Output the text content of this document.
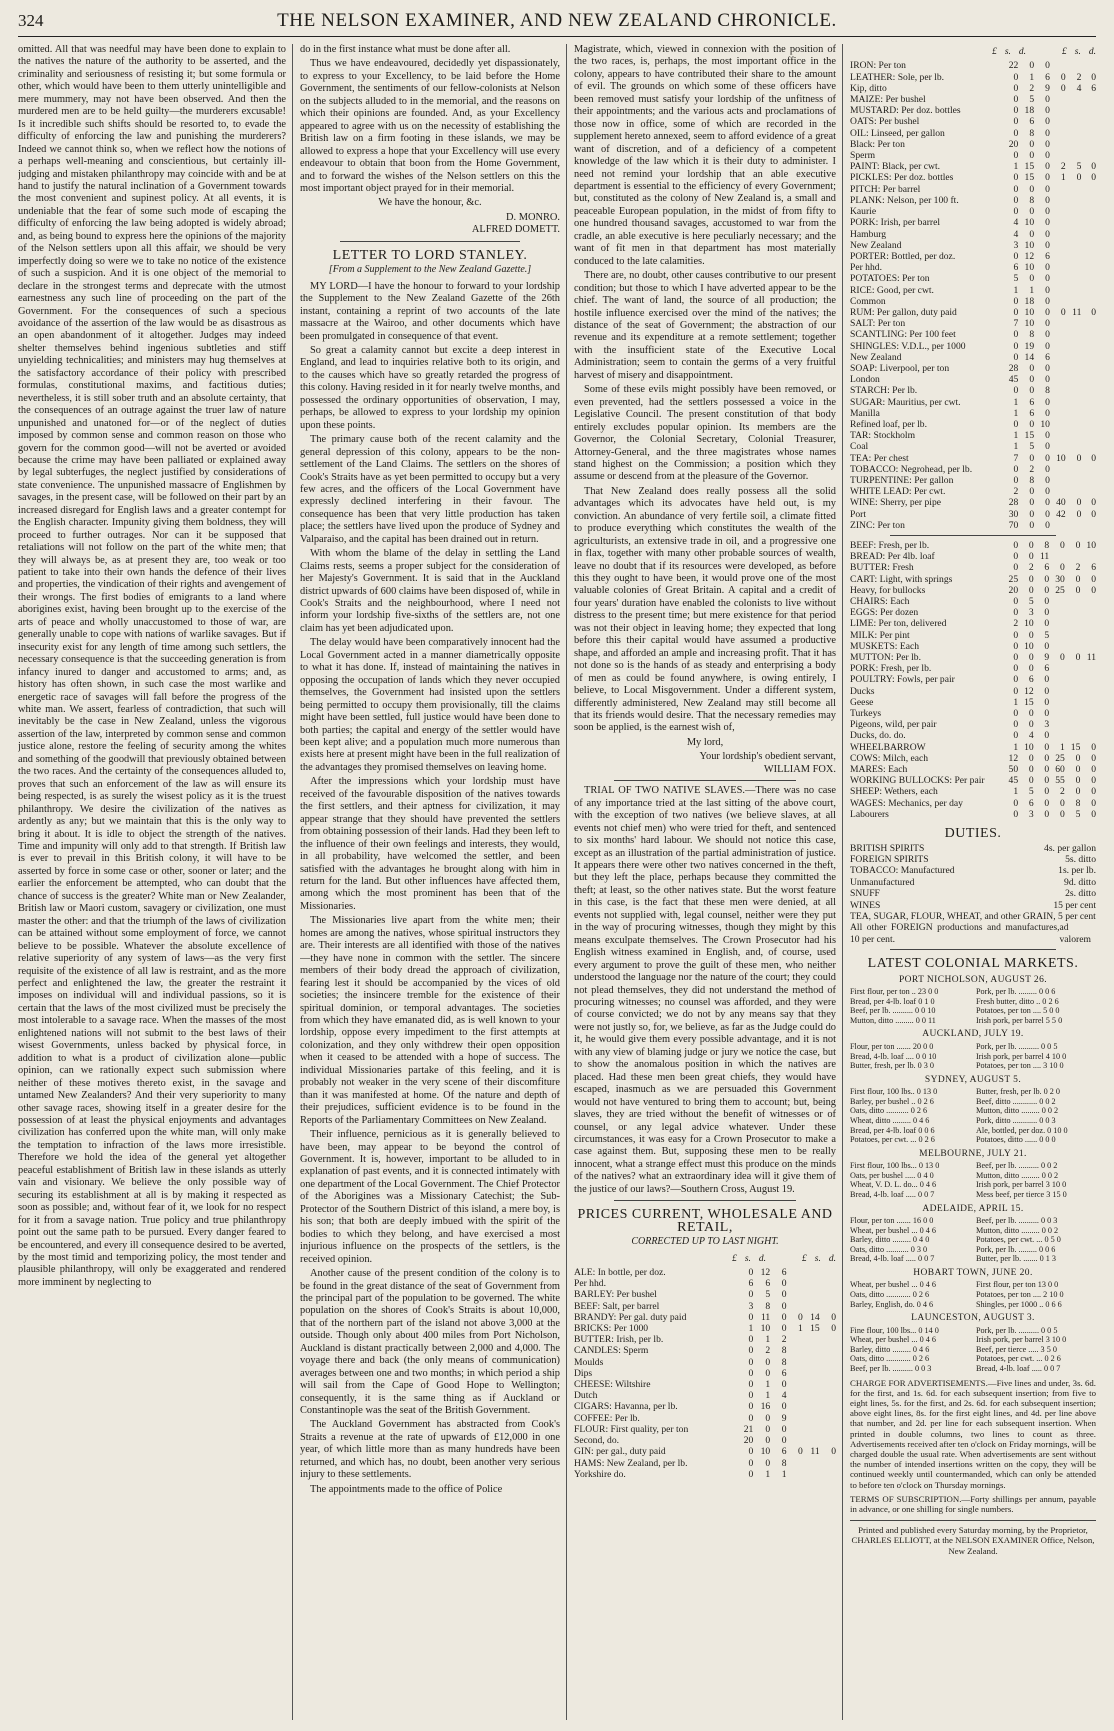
324	THE NELSON EXAMINER, AND NEW ZEALAND CHRONICLE.

omitted. All that was needful may have been done to explain to the natives the nature of the authority to be asserted, and the criminality and seriousness of resisting it; but some formula or other, which would have been to them utterly unintelligible and mere mummery, may not have been observed. And then the murdered men are to be held guilty—the murderers excusable! Is it incredible such shifts should be resorted to, to evade the difficulty of enforcing the law and punishing the murderers? Indeed we cannot think so, when we reflect how the notions of a perhaps well-meaning and conscientious, but certainly ill-judging and mistaken philanthropy may coincide with and be at hand to justify the natural inclination of a Government towards the most convenient and supinest policy. At all events, it is undeniable that the fear of some such mode of escaping the difficulty of enforcing the law being adopted is widely abroad; and, as being bound to express here the opinions of the majority of the Nelson settlers upon all this affair, we should be very imperfectly doing so were we to take no notice of the existence of such a suspicion. And it is one object of the memorial to declare in the strongest terms and deprecate with the utmost earnestness any such line of proceeding on the part of the Government. For the consequences of such a specious avoidance of the assertion of the law would be as disastrous as an open abandonment of it altogether. Judges may indeed shelter themselves behind ingenious subtleties and stiff unyielding technicalities; and ministers may hug themselves at the satisfactory accordance of their policy with prescribed formulas, constitutional maxims, and factitious duties; nevertheless, it is still sober truth and an absolute certainty, that the consequences of an outrage against the truer law of nature unpunished and unatoned for—or of the neglect of duties imposed by common sense and common reason on those who govern for the common good—will not be averted or avoided because the crime may have been palliated or explained away by legal subterfuges, the neglect justified by considerations of state convenience. The unpunished massacre of Englishmen by savages, in the present case, will be followed on their part by an increased disregard for English laws and a greater contempt for the English character. Impunity giving them boldness, they will proceed to further outrages. Nor can it be supposed that retaliations will not follow on the part of the white men; that they will always be, as at present they are, too weak or too patient to take into their own hands the defence of their lives and properties, the vindication of their rights and avengement of their wrongs. The first bodies of emigrants to a land where aborigines exist, having been brought up to the exercise of the arts of peace and wholly unaccustomed to those of war, are generally unable to cope with nations of warlike savages. But if insecurity exist for any length of time among such settlers, the necessary consequence is that the succeeding generation is from infancy inured to danger and accustomed to arms; and, as history has often shown, in such case the most warlike and energetic race of savages will fall before the progress of the white man. We assert, fearless of contradiction, that such will inevitably be the case in New Zealand, unless the vigorous assertion of the law, interpreted by common sense and common justice alone, restore the feeling of security among the whites and something of the goodwill that previously obtained between the two races. And the certainty of the consequences alluded to, proves that such an enforcement of the law as will ensure its being respected, is as surely the wisest policy as it is the truest philanthropy. We desire the civilization of the natives as ardently as any; but we maintain that this is the only way to bring it about. It is idle to object the strength of the natives. Time and impunity will only add to that strength. If British law is ever to prevail in this British colony, it will have to be asserted by force in some case or other, sooner or later; and the earlier the enforcement be attempted, who can doubt that the chance of success is the greater? White man or New Zealander, British law or Maori custom, savagery or civilization, one must master the other: and that the triumph of the laws of civilization can be attained without some employment of force, we cannot believe to be possible. Whatever the absolute excellence of relative superiority of any system of laws—as the very first requisite of the existence of all law is restraint, and as the more perfect and enlightened the law, the greater the restraint it imposes on individual will and individual passions, so it is certain that the laws of the most civilized must be precisely the most intolerable to a savage race. When the masses of the most enlightened nations will not submit to the best laws of their wisest Governments, unless backed by physical force, in addition to what is a product of civilization alone—public opinion, can we rationally expect such submission where neither of these motives thereto exist, in the savage and untamed New Zealanders? And their very superiority to many other savage races, showing itself in a greater desire for the possession of at least the physical enjoyments and advantages civilization has conferred upon the white man, will only make the temptation to infraction of the laws more irresistible. Therefore we hold the idea of the general yet altogether peaceful establishment of British law in these islands as utterly vain and visionary. We believe the only possible way of securing its establishment at all is by making it respected as soon as possible; and, without fear of it, we look for no respect for it from a savage nation. True policy and true philanthropy point out the same path to be pursued. Every danger feared to be encountered, and every ill consequence desired to be averted, by the most timid and temporizing policy, the most tender and plausible philanthropy, will only be exaggerated and rendered more imminent by neglecting to

do in the first instance what must be done after all.

Thus we have endeavoured, decidedly yet dispassionately, to express to your Excellency, to be laid before the Home Government, the sentiments of our fellow-colonists at Nelson on the subjects alluded to in the memorial, and the reasons on which their opinions are founded. And, as your Excellency appeared to agree with us on the necessity of establishing the British law on a firm footing in these islands, we may be allowed to express a hope that your Excellency will use every endeavour to obtain that boon from the Home Government, and to forward the wishes of the Nelson settlers on this the most important object prayed for in their memorial.

We have the honour, &c.

D. MONRO.

ALFRED DOMETT.

LETTER TO LORD STANLEY.
[From a Supplement to the New Zealand Gazette.]

MY LORD—I have the honour to forward to your lordship the Supplement to the New Zealand Gazette of the 26th instant, containing a reprint of two accounts of the late massacre at the Wairoo, and other documents which have been promulgated in consequence of that event.

So great a calamity cannot but excite a deep interest in England, and lead to inquiries relative both to its origin, and to the causes which have so greatly retarded the progress of this colony. Having resided in it for nearly twelve months, and possessed the ordinary opportunities of observation, I may, perhaps, be allowed to express to your lordship my opinion upon these points.

The primary cause both of the recent calamity and the general depression of this colony, appears to be the non-settlement of the Land Claims. The settlers on the shores of Cook's Straits have as yet been permitted to occupy but a very few acres, and the officers of the Local Government have expressly declined interfering in their favour. The consequence has been that very little production has taken place; the settlers have lived upon the produce of Sydney and Valparaiso, and the capital has been drained out in return.

With whom the blame of the delay in settling the Land Claims rests, seems a proper subject for the consideration of her Majesty's Government. It is said that in the Auckland district upwards of 600 claims have been disposed of, while in Cook's Straits and the neighbourhood, where I need not inform your lordship five-sixths of the settlers are, not one claim has yet been adjudicated upon.

The delay would have been comparatively innocent had the Local Government acted in a manner diametrically opposite to what it has done. If, instead of maintaining the natives in opposing the occupation of lands which they never occupied themselves, the Government had insisted upon the settlers being permitted to occupy them provisionally, till the claims might have been settled, full justice would have been done to both parties; the capital and energy of the settler would have been kept alive; and a population much more numerous than exists here at present might have been in the full realization of the advantages they promised themselves on leaving home.

After the impressions which your lordship must have received of the favourable disposition of the natives towards the first settlers, and their aptness for civilization, it may appear strange that they should have prevented the settlers from obtaining possession of their lands. Had they been left to the influence of their own feelings and interests, they would, in all probability, have welcomed the settler, and been satisfied with the advantages he brought along with him in return for the land. But other influences have affected them, among which the most prominent has been that of the Missionaries.

The Missionaries live apart from the white men; their homes are among the natives, whose spiritual instructors they are. Their interests are all identified with those of the natives—they have none in common with the settler. The sincere members of their body dread the approach of civilization, fearing lest it should be accompanied by the vices of old societies; the insincere tremble for the existence of their spiritual dominion, or temporal advantages. The societies from which they have emanated did, as is well known to your lordship, oppose every impediment to the first attempts at colonization, and they only withdrew their open opposition when it ceased to be attended with a hope of success. The individual Missionaries partake of this feeling, and it is probably not weaker in the very scene of their discomfiture than it was manifested at home. Of the nature and depth of their prejudices, sufficient evidence is to be found in the Reports of the Parliamentary Committees on New Zealand.

Their influence, pernicious as it is generally believed to have been, may appear to be beyond the control of Government. It is, however, important to be alluded to in explanation of past events, and it is connected intimately with one department of the Local Government. The Chief Protector of the Aborigines was a Missionary Catechist; the Sub-Protector of the Southern District of this island, a mere boy, is his son; that both are deeply imbued with the spirit of the bodies to which they belong, and have exercised a most injurious influence on the prospects of the settlers, is the received opinion.

Another cause of the present condition of the colony is to be found in the great distance of the seat of Government from the principal part of the population to be governed. The white population on the shores of Cook's Straits is about 10,000, that of the northern part of the island not above 3,000 at the outside. Though only about 400 miles from Port Nicholson, Auckland is distant practically between 2,000 and 4,000. The voyage there and back (the only means of communication) averages between one and two months; in which period a ship will sail from the Cape of Good Hope to Wellington; consequently, it is the same thing as if Auckland or Constantinople was the seat of the British Government.

The Auckland Government has abstracted from Cook's Straits a revenue at the rate of upwards of £12,000 in one year, of which little more than as many hundreds have been returned, and which has, no doubt, been another very serious injury to these settlements.

The appointments made to the office of Police

Magistrate, which, viewed in connexion with the position of the two races, is, perhaps, the most important office in the colony, appears to have contributed their share to the amount of evil. The grounds on which some of these officers have been removed must satisfy your lordship of the unfitness of their appointments; and the various acts and proclamations of those now in office, some of which are recorded in the supplement hereto annexed, seem to afford evidence of a great want of discretion, and of a deficiency of a competent knowledge of the law which it is their duty to administer. I need not remind your lordship that an able executive department is essential to the efficiency of every Government; but, constituted as the colony of New Zealand is, a small and peaceable European population, in the midst of from fifty to one hundred thousand savages, accustomed to war from the cradle, an able executive is here peculiarly necessary; and the want of fit men in that department has most materially conduced to the late calamities.

There are, no doubt, other causes contributive to our present condition; but those to which I have adverted appear to be the chief. The want of land, the source of all production; the hostile influence exercised over the mind of the natives; the distance of the seat of Government; the abstraction of our revenue and its expenditure at a remote settlement; together with the insufficient state of the Executive Local Administration; seem to contain the germs of a very fruitful harvest of misery and disappointment.

Some of these evils might possibly have been removed, or even prevented, had the settlers possessed a voice in the Legislative Council. The present constitution of that body entirely excludes popular opinion. Its members are the Governor, the Colonial Secretary, Colonial Treasurer, Attorney-General, and the three magistrates whose names stand highest on the Commission; a position which they assume or descend from at the pleasure of the Governor.

That New Zealand does really possess all the solid advantages which its advocates have held out, is my conviction. An abundance of very fertile soil, a climate fitted to produce everything which constitutes the wealth of the agriculturists, an extensive trade in oil, and a progressive one in flax, together with many other probable sources of wealth, leave no doubt that if its resources were developed, as before this they ought to have been, it would prove one of the most valuable colonies of Great Britain. A capital and a credit of four years' duration have enabled the colonists to live without distress to the present time; but mere existence for that period was not their object in leaving home; they expected that long before this their capital would have assumed a productive shape, and afforded an ample and increasing profit. That it has not done so is the hands of as steady and enterprising a body of men as could be found anywhere, is owing entirely, I believe, to Local Misgovernment. Under a different system, differently administered, New Zealand may still become all that its friends would desire. That the necessary remedies may soon be applied, is the earnest wish of,

My lord,

Your lordship's obedient servant,

WILLIAM FOX.

TRIAL OF TWO NATIVE SLAVES.—There was no case of any importance tried at the last sitting of the above court, with the exception of two natives (we believe slaves, at all events not chief men) who were tried for theft, and sentenced to six months' hard labour. We should not notice this case, except as an illustration of the partial administration of justice. It appears there were other two natives concerned in the theft, but they left the place, perhaps because they committed the theft; at least, so the other natives state. But the worst feature in this case, is the fact that these men were denied, at all events not supplied with, legal counsel, neither were they put in the way of procuring witnesses, though they might by this means exculpate themselves. The Crown Prosecutor had his English witness examined in English, and, of course, used every argument to prove the guilt of these men, who neither understood the language nor the nature of the court; they could not plead themselves, they did not understand the method of procuring witnesses; no counsel was afforded, and they were of course convicted; we do not by any means say that they were not justly so, for, we believe, as far as the Judge could do it, he would give them every possible advantage, and it is not with any view of blaming judge or jury we notice the case, but to show the anomalous position in which the natives are placed. Had these men been great chiefs, they would have escaped, inasmuch as we are persuaded this Government would not have ventured to bring them to account; but, being slaves, they are tried without the benefit of witnesses or of counsel, or any legal advice whatever. Under these circumstances, it was easy for a Crown Prosecutor to make a case against them. But, supposing these men to be really innocent, what a strange effect must this produce on the minds of the natives? what an extraordinary idea will it give them of the justice of our laws?—Southern Cross, August 19.

PRICES CURRENT, WHOLESALE AND RETAIL,
CORRECTED UP TO LAST NIGHT.
£ s. d.	£ s. d.
ALE: In bottle, per doz.	0	12	6			
Per hhd.	6	6	0			
BARLEY: Per bushel	0	5	0			
BEEF: Salt, per barrel	3	8	0			
BRANDY: Per gal. duty paid	0	11	0	0	14	0
BRICKS: Per 1000	1	10	0	1	15	0
BUTTER: Irish, per lb.	0	1	2			
CANDLES: Sperm	0	2	8			
Moulds	0	0	8			
Dips	0	0	6			
CHEESE: Wiltshire	0	1	0			
Dutch	0	1	4			
CIGARS: Havanna, per lb.	0	16	0			
COFFEE: Per lb.	0	0	9			
FLOUR: First quality, per ton	21	0	0			
Second, do.	20	0	0			
GIN: per gal., duty paid	0	10	6	0	11	0
HAMS: New Zealand, per lb.	0	0	8			
Yorkshire do.	0	1	1			
£ s. d.	£ s. d.
IRON: Per ton	22	0	0			
LEATHER: Sole, per lb.	0	1	6	0	2	0
Kip, ditto	0	2	9	0	4	6
MAIZE: Per bushel	0	5	0			
MUSTARD: Per doz. bottles	0	18	0			
OATS: Per bushel	0	6	0			
OIL: Linseed, per gallon	0	8	0			
Black: Per ton	20	0	0			
Sperm	0	0	0			
PAINT: Black, per cwt.	1	15	0	2	5	0
PICKLES: Per doz. bottles	0	15	0	1	0	0
PITCH: Per barrel	0	0	0			
PLANK: Nelson, per 100 ft.	0	8	0			
Kaurie	0	0	0			
PORK: Irish, per barrel	4	10	0			
Hamburg	4	0	0			
New Zealand	3	10	0			
PORTER: Bottled, per doz.	0	12	6			
Per hhd.	6	10	0			
POTATOES: Per ton	5	0	0			
RICE: Good, per cwt.	1	1	0			
Common	0	18	0			
RUM: Per gallon, duty paid	0	10	0	0	11	0
SALT: Per ton	7	10	0			
SCANTLING: Per 100 feet	0	8	0			
SHINGLES: V.D.L., per 1000	0	19	0			
New Zealand	0	14	6			
SOAP: Liverpool, per ton	28	0	0			
London	45	0	0			
STARCH: Per lb.	0	0	8			
SUGAR: Mauritius, per cwt.	1	6	0			
Manilla	1	6	0			
Refined loaf, per lb.	0	0	10			
TAR: Stockholm	1	15	0			
Coal	1	5	0			
TEA: Per chest	7	0	0	10	0	0
TOBACCO: Negrohead, per lb.	0	2	0			
TURPENTINE: Per gallon	0	8	0			
WHITE LEAD: Per cwt.	2	0	0			
WINE: Sherry, per pipe	28	0	0	40	0	0
Port	30	0	0	42	0	0
ZINC: Per ton	70	0	0			
BEEF: Fresh, per lb.	0	0	8	0	0	10
BREAD: Per 4lb. loaf	0	0	11			
BUTTER: Fresh	0	2	6	0	2	6
CART: Light, with springs	25	0	0	30	0	0
Heavy, for bullocks	20	0	0	25	0	0
CHAIRS: Each	0	5	0			
EGGS: Per dozen	0	3	0			
LIME: Per ton, delivered	2	10	0			
MILK: Per pint	0	0	5			
MUSKETS: Each	0	10	0			
MUTTON: Per lb.	0	0	9	0	0	11
PORK: Fresh, per lb.	0	0	6			
POULTRY: Fowls, per pair	0	6	0			
Ducks	0	12	0			
Geese	1	15	0			
Turkeys	0	0	0			
Pigeons, wild, per pair	0	0	3			
Ducks, do. do.	0	4	0			
WHEELBARROW	1	10	0	1	15	0
COWS: Milch, each	12	0	0	25	0	0
MARES: Each	50	0	0	60	0	0
WORKING BULLOCKS: Per pair	45	0	0	55	0	0
SHEEP: Wethers, each	1	5	0	2	0	0
WAGES: Mechanics, per day	0	6	0	0	8	0
Labourers	0	3	0	0	5	0
DUTIES.
BRITISH SPIRITS	4s. per gallon
FOREIGN SPIRITS	5s. ditto
TOBACCO: Manufactured	1s. per lb.
Unmanufactured	9d. ditto
SNUFF	2s. ditto
WINES	15 per cent
TEA, SUGAR, FLOUR, WHEAT, and other GRAIN, 5 per cent
All other FOREIGN productions and manufactures, 10 per cent.
ad valorem
LATEST COLONIAL MARKETS.
PORT NICHOLSON, AUGUST 26.
First flour, per ton .. 23 0 0
Bread, per 4-lb. loaf 0 1 0
Beef, per lb. .......... 0 0 10
Mutton, ditto ......... 0 0 11
Pork, per lb. ......... 0 0 6
Fresh butter, ditto .. 0 2 6
Potatoes, per ton .... 5 0 0
Irish pork, per barrel 5 5 0
AUCKLAND, JULY 19.
Flour, per ton ....... 20 0 0
Bread, 4-lb. loaf .... 0 0 10
Butter, fresh, per lb. 0 3 0
Pork, per lb. .......... 0 0 5
Irish pork, per barrel 4 10 0
Potatoes, per ton .... 3 10 0
SYDNEY, AUGUST 5.
First flour, 100 lbs.. 0 13 0
Barley, per bushel .. 0 2 6
Oats, ditto ........... 0 2 6
Wheat, ditto ......... 0 4 6
Bread, per 4-lb. loaf 0 0 6
Potatoes, per cwt. ... 0 2 6
Butter, fresh, per lb. 0 2 0
Beef, ditto ............ 0 0 2
Mutton, ditto ......... 0 0 2
Pork, ditto ............ 0 0 3
Ale, bottled, per doz. 0 10 0
Potatoes, ditto ...... 0 0 0
MELBOURNE, JULY 21.
First flour, 100 lbs... 0 13 0
Oats, per bushel ..... 0 4 0
Wheat, V. D. L. do... 0 4 6
Bread, 4-lb. loaf ..... 0 0 7
Beef, per lb. .......... 0 0 2
Mutton, ditto ......... 0 0 2
Irish pork, per barrel 3 10 0
Mess beef, per tierce 3 15 0
ADELAIDE, APRIL 15.
Flour, per ton ....... 16 0 0
Wheat, per bushel ... 0 4 6
Barley, ditto ......... 0 4 0
Oats, ditto ........... 0 3 0
Bread, 4-lb. loaf ..... 0 0 7
Beef, per lb. .......... 0 0 3
Mutton, ditto ......... 0 0 2
Potatoes, per cwt. ... 0 5 0
Pork, per lb. ......... 0 0 6
Butter, per lb. ....... 0 1 3
HOBART TOWN, JUNE 20.
Wheat, per bushel ... 0 4 6
Oats, ditto ............ 0 2 6
Barley, English, do. 0 4 6
First flour, per ton 13 0 0
Potatoes, per ton .... 2 10 0
Shingles, per 1000 .. 0 6 6
LAUNCESTON, AUGUST 3.
Fine flour, 100 lbs... 0 14 0
Wheat, per bushel ... 0 4 6
Barley, ditto ......... 0 4 6
Oats, ditto ............ 0 2 6
Beef, per lb. .......... 0 0 3
Pork, per lb. .......... 0 0 5
Irish pork, per barrel 3 10 0
Beef, per tierce ..... 3 5 0
Potatoes, per cwt. ... 0 2 6
Bread, 4-lb. loaf ..... 0 0 7
CHARGE FOR ADVERTISEMENTS.—Five lines and under, 3s. 6d. for the first, and 1s. 6d. for each subsequent insertion; from five to eight lines, 5s. for the first, and 2s. 6d. for each subsequent insertion; above eight lines, 8s. for the first eight lines, and 4d. per line above that number, and 2d. per line for each subsequent insertion. When printed in double columns, two lines to count as three. Advertisements received after ten o'clock on Friday mornings, will be charged double the usual rate. When advertisements are sent without the number of intended insertions written on the copy, they will be continued weekly until countermanded, which can only be attended to before ten o'clock on Thursday mornings.
TERMS OF SUBSCRIPTION.—Forty shillings per annum, payable in advance, or one shilling for single numbers.
Printed and published every Saturday morning, by the Proprietor, CHARLES ELLIOTT, at the NELSON EXAMINER Office, Nelson, New Zealand.
